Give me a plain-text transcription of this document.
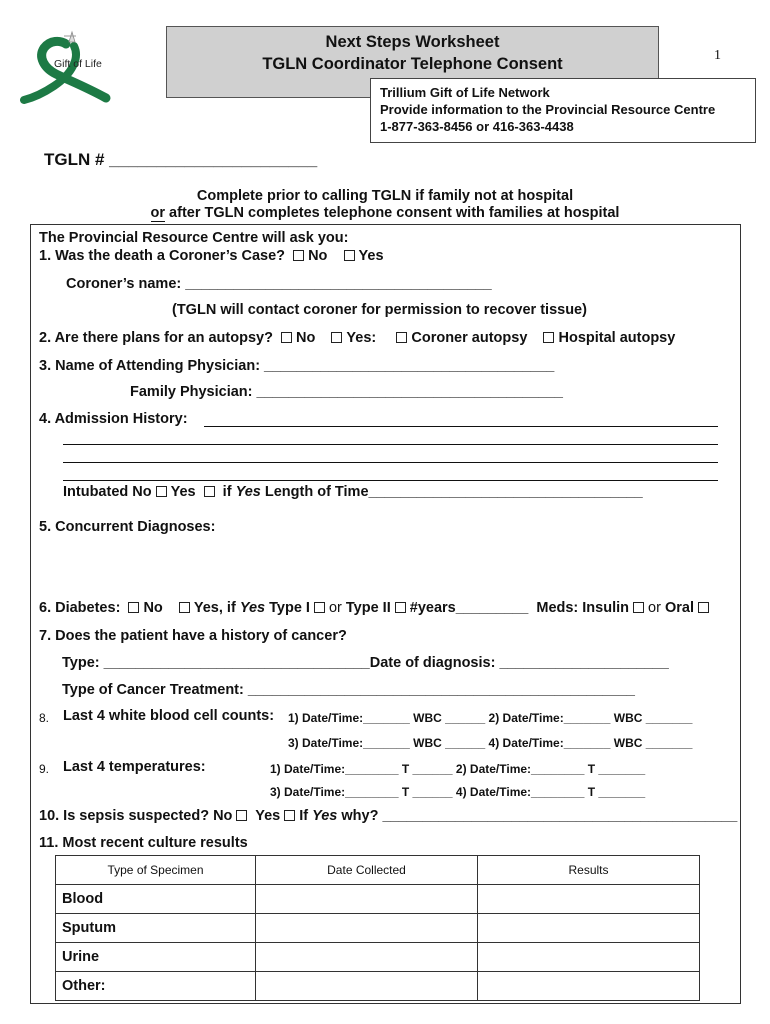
Gift of Life
Next Steps Worksheet
TGLN Coordinator Telephone Consent	1
Trillium Gift of Life Network
Provide information to the Provincial Resource Centre
1-877-363-8456 or 416-363-4438
TGLN # ______________________
Complete prior to calling TGLN if family not at hospital
or after TGLN completes telephone consent with families at hospital
The Provincial Resource Centre will ask you:
1. Was the death a Coroner’s Case? No Yes
Coroner’s name: ______________________________________
(TGLN will contact coroner for permission to recover tissue)
2. Are there plans for an autopsy? No Yes: Coroner autopsy Hospital autopsy
3. Name of Attending Physician: ____________________________________
Family Physician: ______________________________________
4. Admission History:
Intubated No Yes if Yes Length of Time__________________________________
5. Concurrent Diagnoses:
6. Diabetes: No Yes, if Yes Type I or Type II #years_________ Meds: Insulin or Oral
7. Does the patient have a history of cancer?
Type: _________________________________Date of diagnosis: _____________________
Type of Cancer Treatment: ________________________________________________
8. Last 4 white blood cell counts: 1) Date/Time:_______ WBC ______ 2) Date/Time:_______ WBC _______
3) Date/Time:_______ WBC ______ 4) Date/Time:_______ WBC _______
9. Last 4 temperatures:	1) Date/Time:________ T ______ 2) Date/Time:________ T _______
3) Date/Time:________ T ______ 4) Date/Time:________ T _______
10. Is sepsis suspected? No Yes If Yes why? ____________________________________________
11. Most recent culture results
Type of Specimen	Date Collected	Results
Blood		
Sputum		
Urine		
Other:		
